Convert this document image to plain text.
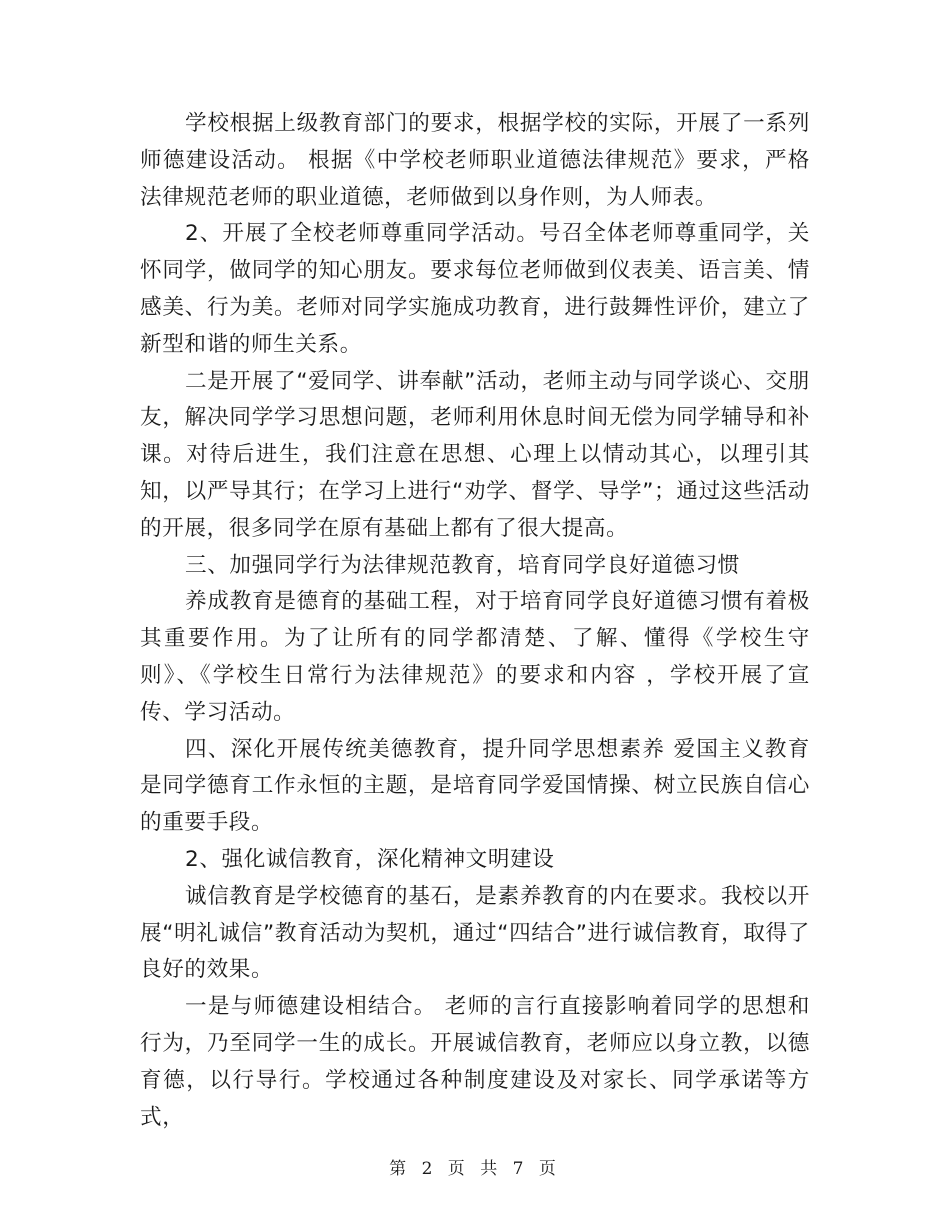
学校根据上级教育部门的要求，根据学校的实际，开展了一系列师德建设活动。 根据《中学校老师职业道德法律规范》要求，严格法律规范老师的职业道德，老师做到以身作则，为人师表。

2、开展了全校老师尊重同学活动。号召全体老师尊重同学，关怀同学，做同学的知心朋友。要求每位老师做到仪表美、语言美、情感美、行为美。老师对同学实施成功教育，进行鼓舞性评价，建立了新型和谐的师生关系。

二是开展了“爱同学、讲奉献”活动，老师主动与同学谈心、交朋友，解决同学学习思想问题，老师利用休息时间无偿为同学辅导和补课。对待后进生，我们注意在思想、心理上以情动其心，以理引其知，以严导其行；在学习上进行“劝学、督学、导学”；通过这些活动的开展，很多同学在原有基础上都有了很大提高。

三、加强同学行为法律规范教育，培育同学良好道德习惯

养成教育是德育的基础工程，对于培育同学良好道德习惯有着极其重要作用。为了让所有的同学都清楚、了解、懂得《学校生守则》、《学校生日常行为法律规范》的要求和内容 ，学校开展了宣传、学习活动。

四、深化开展传统美德教育，提升同学思想素养 爱国主义教育是同学德育工作永恒的主题，是培育同学爱国情操、树立民族自信心的重要手段。

2、强化诚信教育，深化精神文明建设

诚信教育是学校德育的基石，是素养教育的内在要求。我校以开展“明礼诚信”教育活动为契机，通过“四结合”进行诚信教育，取得了良好的效果。

一是与师德建设相结合。 老师的言行直接影响着同学的思想和行为，乃至同学一生的成长。开展诚信教育，老师应以身立教，以德育德，以行导行。学校通过各种制度建设及对家长、同学承诺等方式，

第 2 页 共 7 页
